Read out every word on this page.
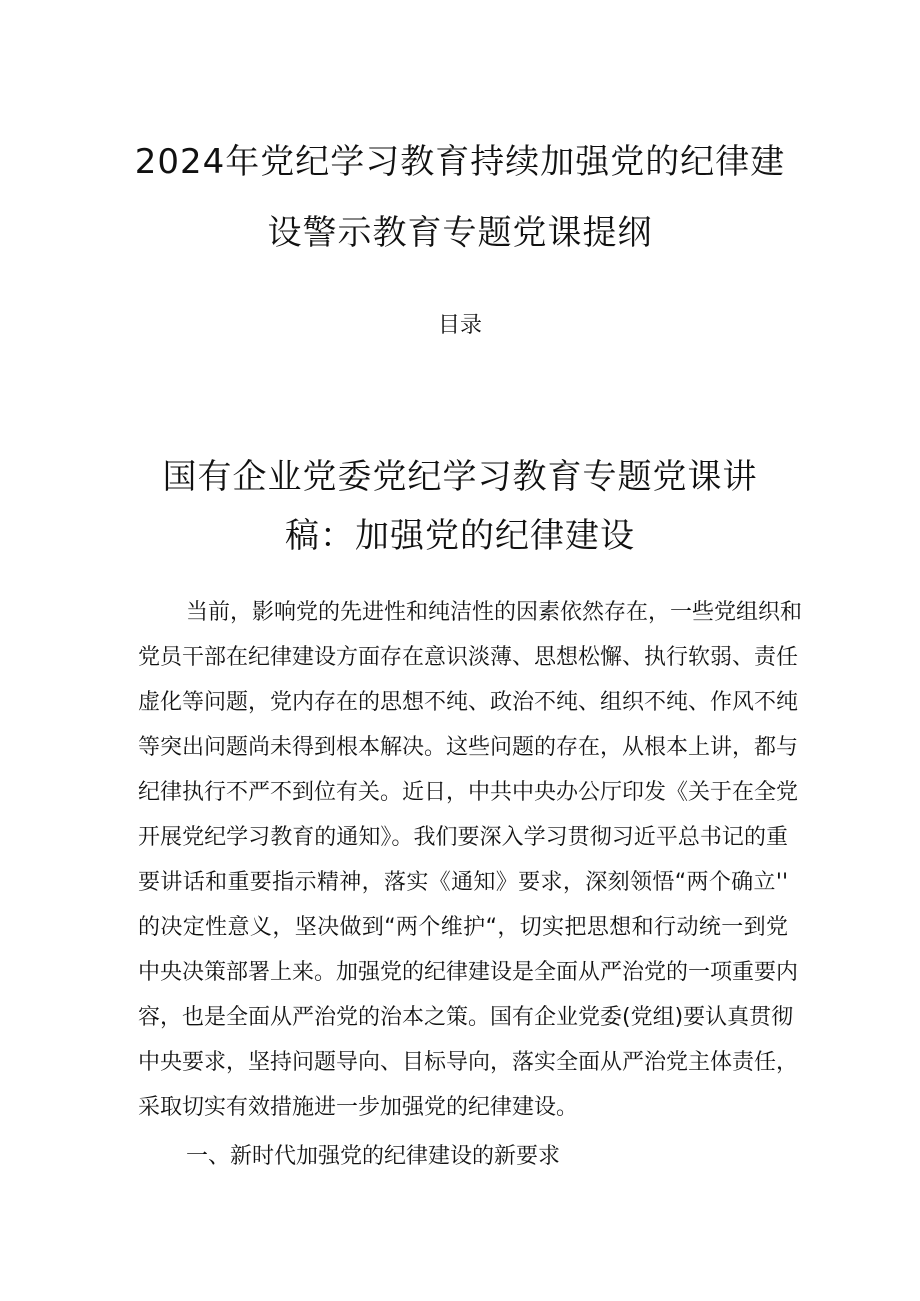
2024年党纪学习教育持续加强党的纪律建
设警示教育专题党课提纲
目录
国有企业党委党纪学习教育专题党课讲
稿：加强党的纪律建设
当前，影响党的先进性和纯洁性的因素依然存在，一些党组织和
党员干部在纪律建设方面存在意识淡薄、思想松懈、执行软弱、责任
虚化等问题，党内存在的思想不纯、政治不纯、组织不纯、作风不纯
等突出问题尚未得到根本解决。这些问题的存在，从根本上讲，都与
纪律执行不严不到位有关。近日，中共中央办公厅印发《关于在全党
开展党纪学习教育的通知》。我们要深入学习贯彻习近平总书记的重
要讲话和重要指示精神，落实《通知》要求，深刻领悟“两个确立''
的决定性意义，坚决做到“两个维护“，切实把思想和行动统一到党
中央决策部署上来。加强党的纪律建设是全面从严治党的一项重要内
容，也是全面从严治党的治本之策。国有企业党委(党组)要认真贯彻
中央要求，坚持问题导向、目标导向，落实全面从严治党主体责任，
采取切实有效措施进一步加强党的纪律建设。
一、新时代加强党的纪律建设的新要求
